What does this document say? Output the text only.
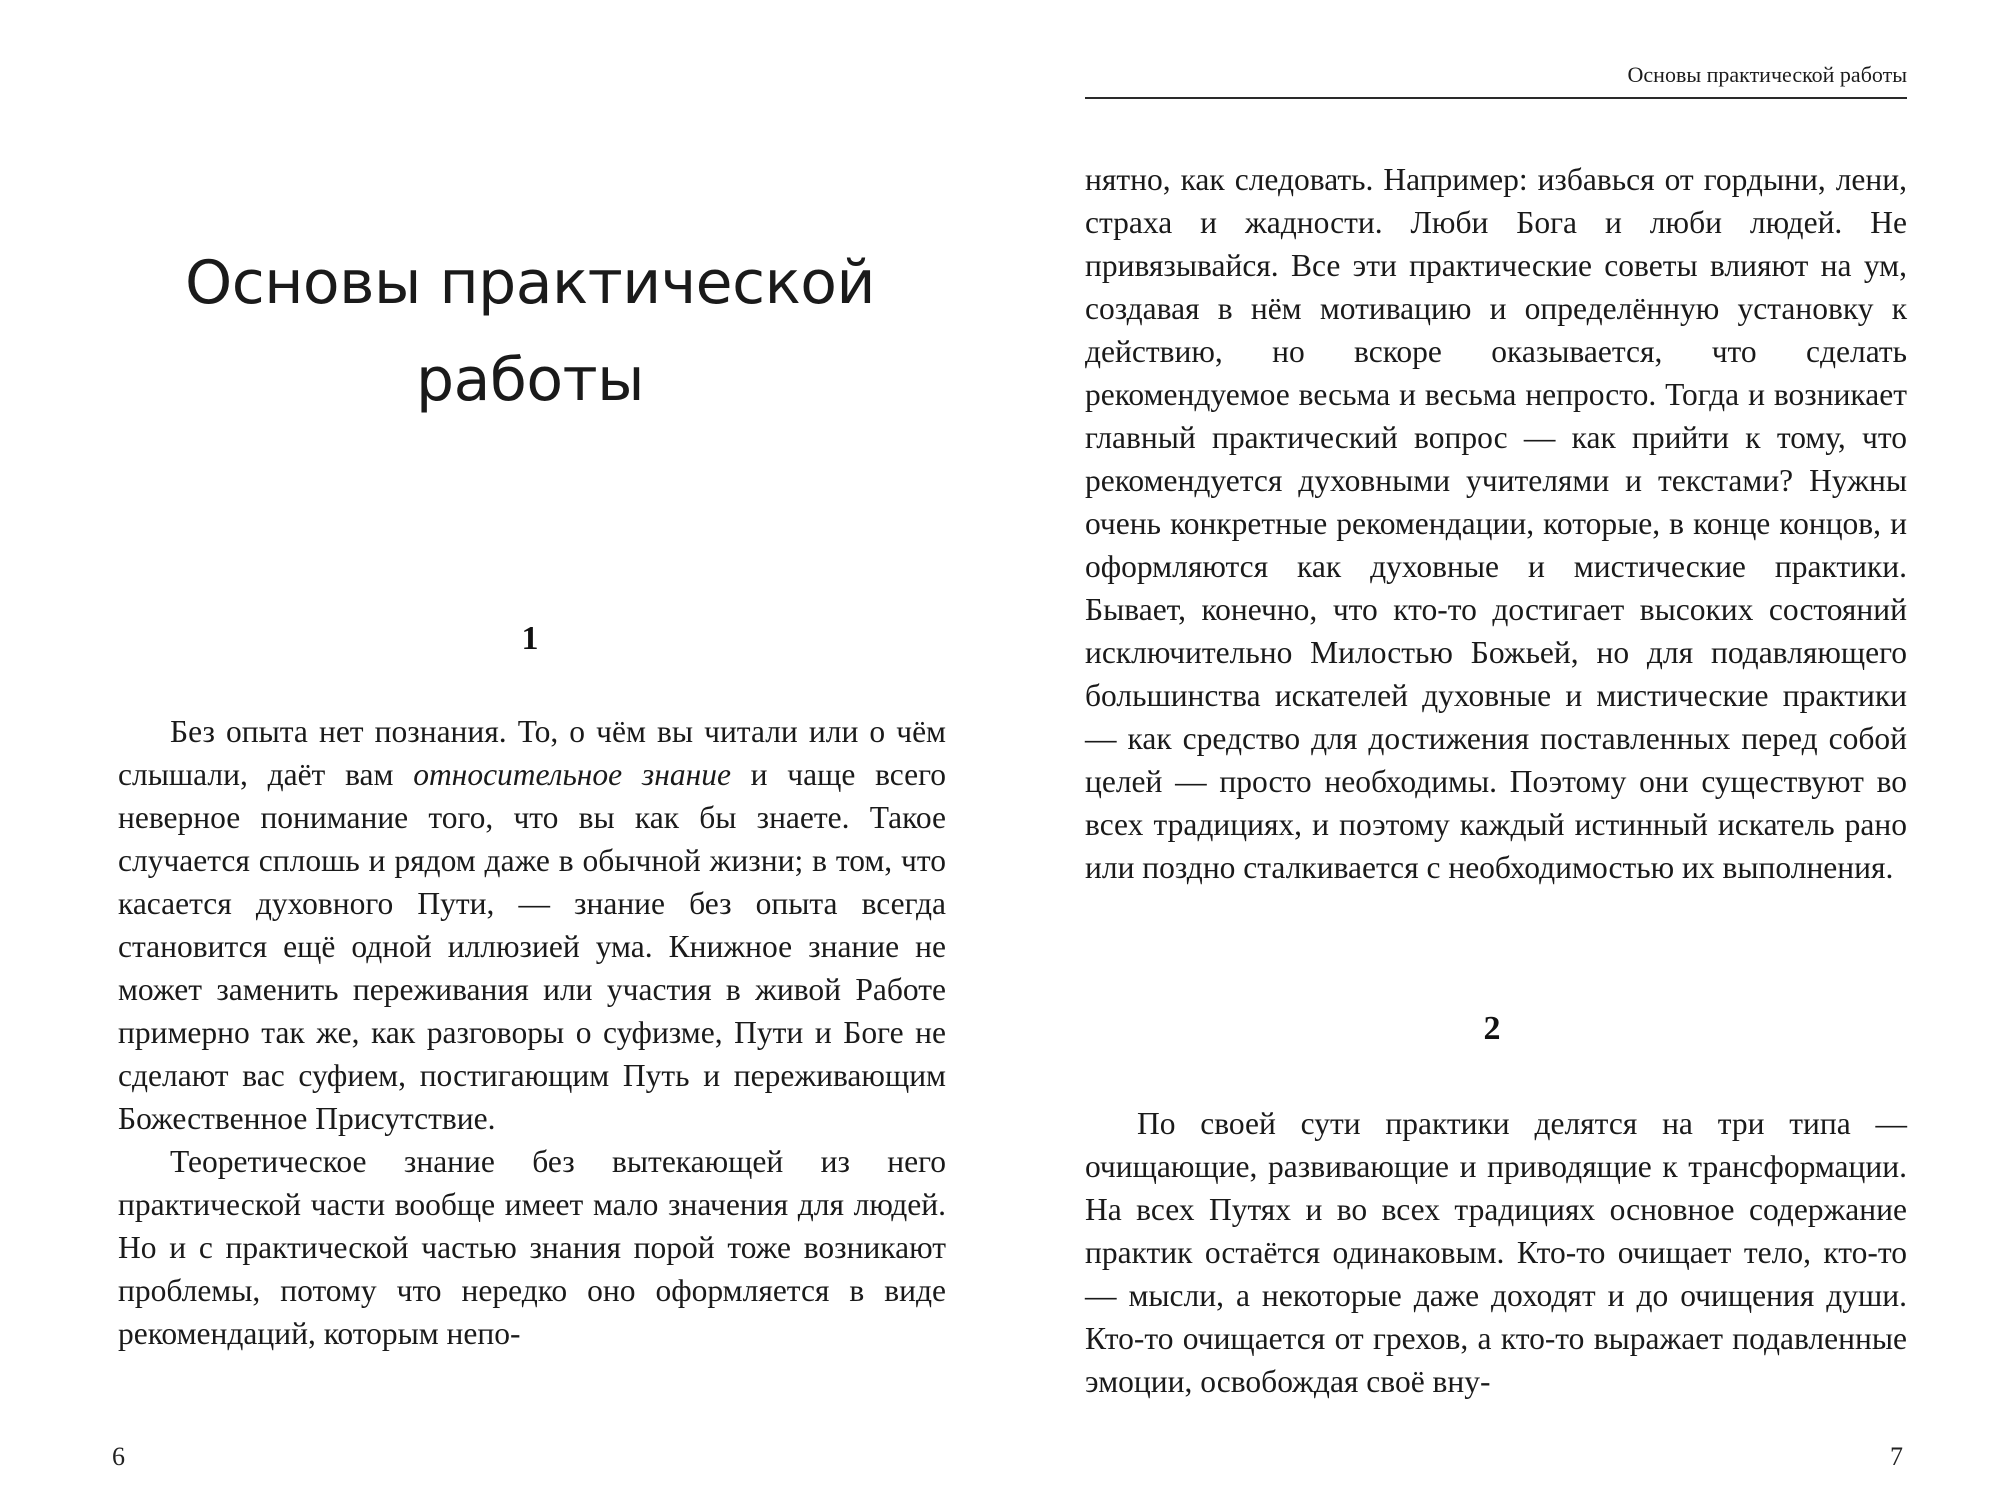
Основы практической работы
Основы практической
работы
1

Без опыта нет познания. То, о чём вы читали или о чём слышали, даёт вам относительное знание и чаще всего неверное понимание того, что вы как бы знаете. Такое случается сплошь и рядом даже в обычной жизни; в том, что касается духовного Пути, — знание без опыта всегда становится ещё одной иллюзией ума. Книжное знание не может заменить переживания или участия в живой Работе примерно так же, как разговоры о суфизме, Пути и Боге не сделают вас суфием, постигающим Путь и переживающим Божественное Присутствие.

Теоретическое знание без вытекающей из него практической части вообще имеет мало значения для людей. Но и с практической частью знания порой тоже возникают проблемы, потому что нередко оно оформляется в виде рекомендаций, которым непо-

6

нятно, как следовать. Например: избавься от гордыни, лени, страха и жадности. Люби Бога и люби людей. Не привязывайся. Все эти практические советы влияют на ум, создавая в нём мотивацию и определённую установку к действию, но вскоре оказывается, что сделать рекомендуемое весьма и весьма непросто. Тогда и возникает главный практический вопрос — как прийти к тому, что рекомендуется духовными учителями и текстами? Нужны очень конкретные рекомендации, которые, в конце концов, и оформляются как духовные и мистические практики. Бывает, конечно, что кто-то достигает высоких состояний исключительно Милостью Божьей, но для подавляющего большинства искателей духовные и мистические практики — как средство для достижения поставленных перед собой целей — просто необходимы. Поэтому они существуют во всех традициях, и поэтому каждый истинный искатель рано или поздно сталкивается с необходимостью их выполнения.

2

По своей сути практики делятся на три типа — очищающие, развивающие и приводящие к трансформации. На всех Путях и во всех традициях основное содержание практик остаётся одинаковым. Кто-то очищает тело, кто-то — мысли, а некоторые даже доходят и до очищения души. Кто-то очищается от грехов, а кто-то выражает подавленные эмоции, освобождая своё вну-

7
